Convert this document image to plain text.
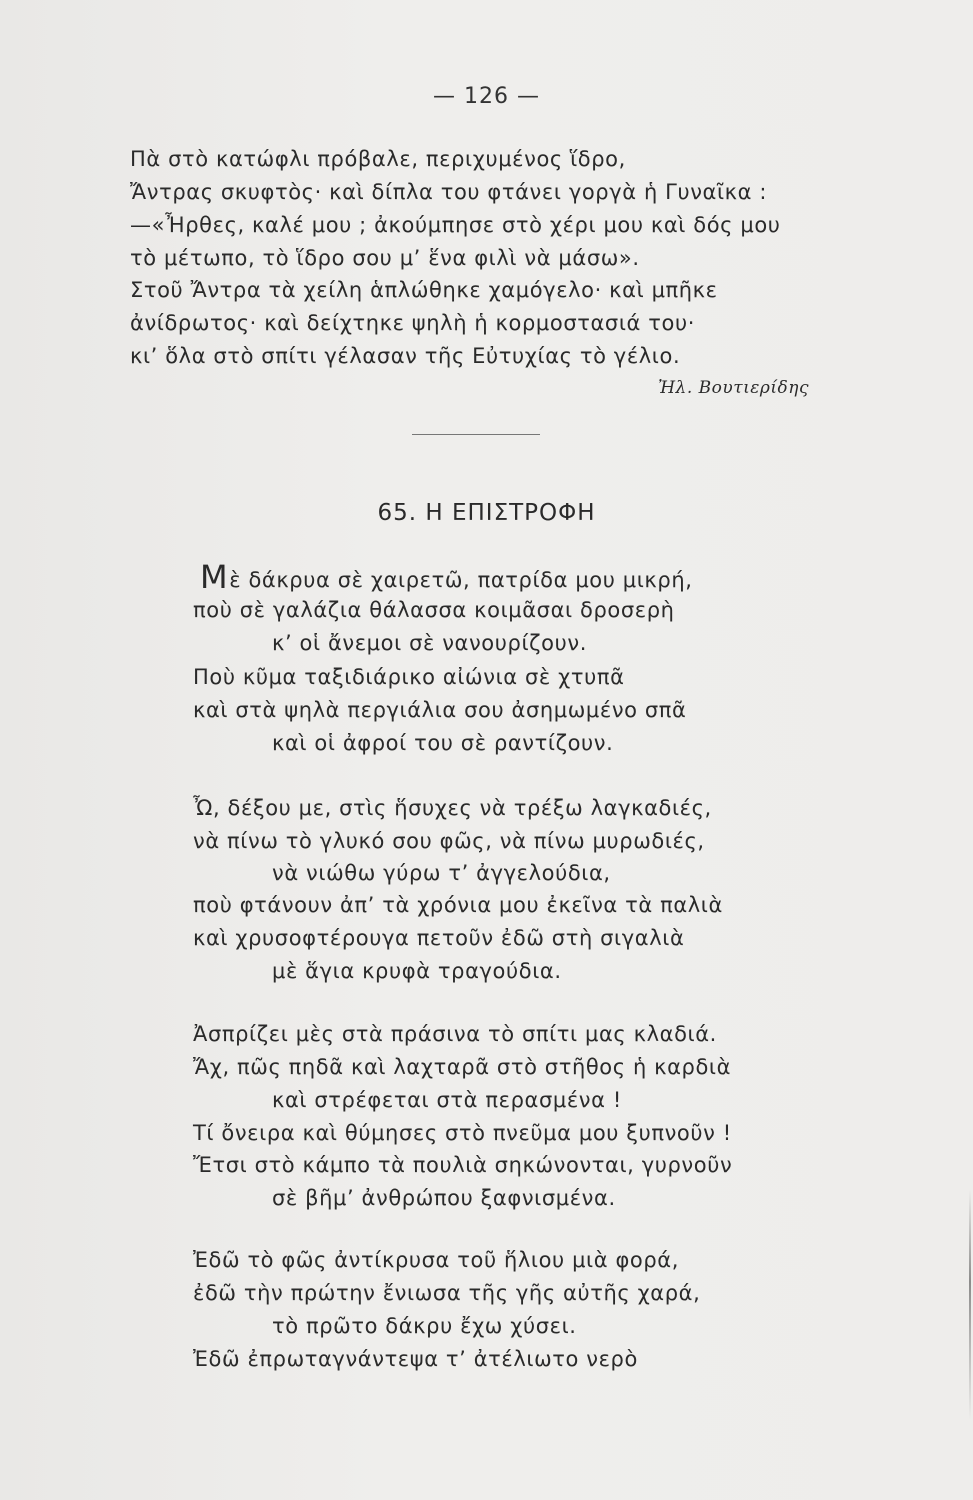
— 126 —
Πὰ στὸ κατώφλι πρόβαλε, περιχυμένος ἵδρο,
Ἄντρας σκυφτὸς· καὶ δίπλα του φτάνει γοργὰ ἡ Γυναῖκα :
—«Ἦρθες, καλέ μου ; ἀκούμπησε στὸ χέρι μου καὶ δός μου
τὸ μέτωπο, τὸ ἵδρο σου μ’ ἕνα φιλὶ νὰ μάσω».
Στοῦ Ἄντρα τὰ χείλη ἁπλώθηκε χαμόγελο· καὶ μπῆκε
ἀνίδρωτος· καὶ δείχτηκε ψηλὴ ἡ κορμοστασιά του·
κι’ ὅλα στὸ σπίτι γέλασαν τῆς Εὐτυχίας τὸ γέλιο.
Ἠλ. Βουτιερίδης
65. Η ΕΠΙΣΤΡΟΦΗ
Μὲ δάκρυα σὲ χαιρετῶ, πατρίδα μου μικρή,
ποὺ σὲ γαλάζια θάλασσα κοιμᾶσαι δροσερὴ
κ’ οἱ ἄνεμοι σὲ νανουρίζουν.
Ποὺ κῦμα ταξιδιάρικο αἰώνια σὲ χτυπᾶ
καὶ στὰ ψηλὰ περγιάλια σου ἀσημωμένο σπᾶ
καὶ οἱ ἀφροί του σὲ ραντίζουν.
Ὦ, δέξου με, στὶς ἥσυχες νὰ τρέξω λαγκαδιές,
νὰ πίνω τὸ γλυκό σου φῶς, νὰ πίνω μυρωδιές,
νὰ νιώθω γύρω τ’ ἀγγελούδια,
ποὺ φτάνουν ἀπ’ τὰ χρόνια μου ἐκεῖνα τὰ παλιὰ
καὶ χρυσοφτέρουγα πετοῦν ἐδῶ στὴ σιγαλιὰ
μὲ ἅγια κρυφὰ τραγούδια.
Ἀσπρίζει μὲς στὰ πράσινα τὸ σπίτι μας κλαδιά.
Ἄχ, πῶς πηδᾶ καὶ λαχταρᾶ στὸ στῆθος ἡ καρδιὰ
καὶ στρέφεται στὰ περασμένα !
Τί ὄνειρα καὶ θύμησες στὸ πνεῦμα μου ξυπνοῦν !
Ἔτσι στὸ κάμπο τὰ πουλιὰ σηκώνονται, γυρνοῦν
σὲ βῆμ’ ἀνθρώπου ξαφνισμένα.
Ἐδῶ τὸ φῶς ἀντίκρυσα τοῦ ἥλιου μιὰ φορά,
ἐδῶ τὴν πρώτην ἔνιωσα τῆς γῆς αὐτῆς χαρά,
τὸ πρῶτο δάκρυ ἔχω χύσει.
Ἐδῶ ἐπρωταγνάντεψα τ’ ἀτέλιωτο νερὸ
